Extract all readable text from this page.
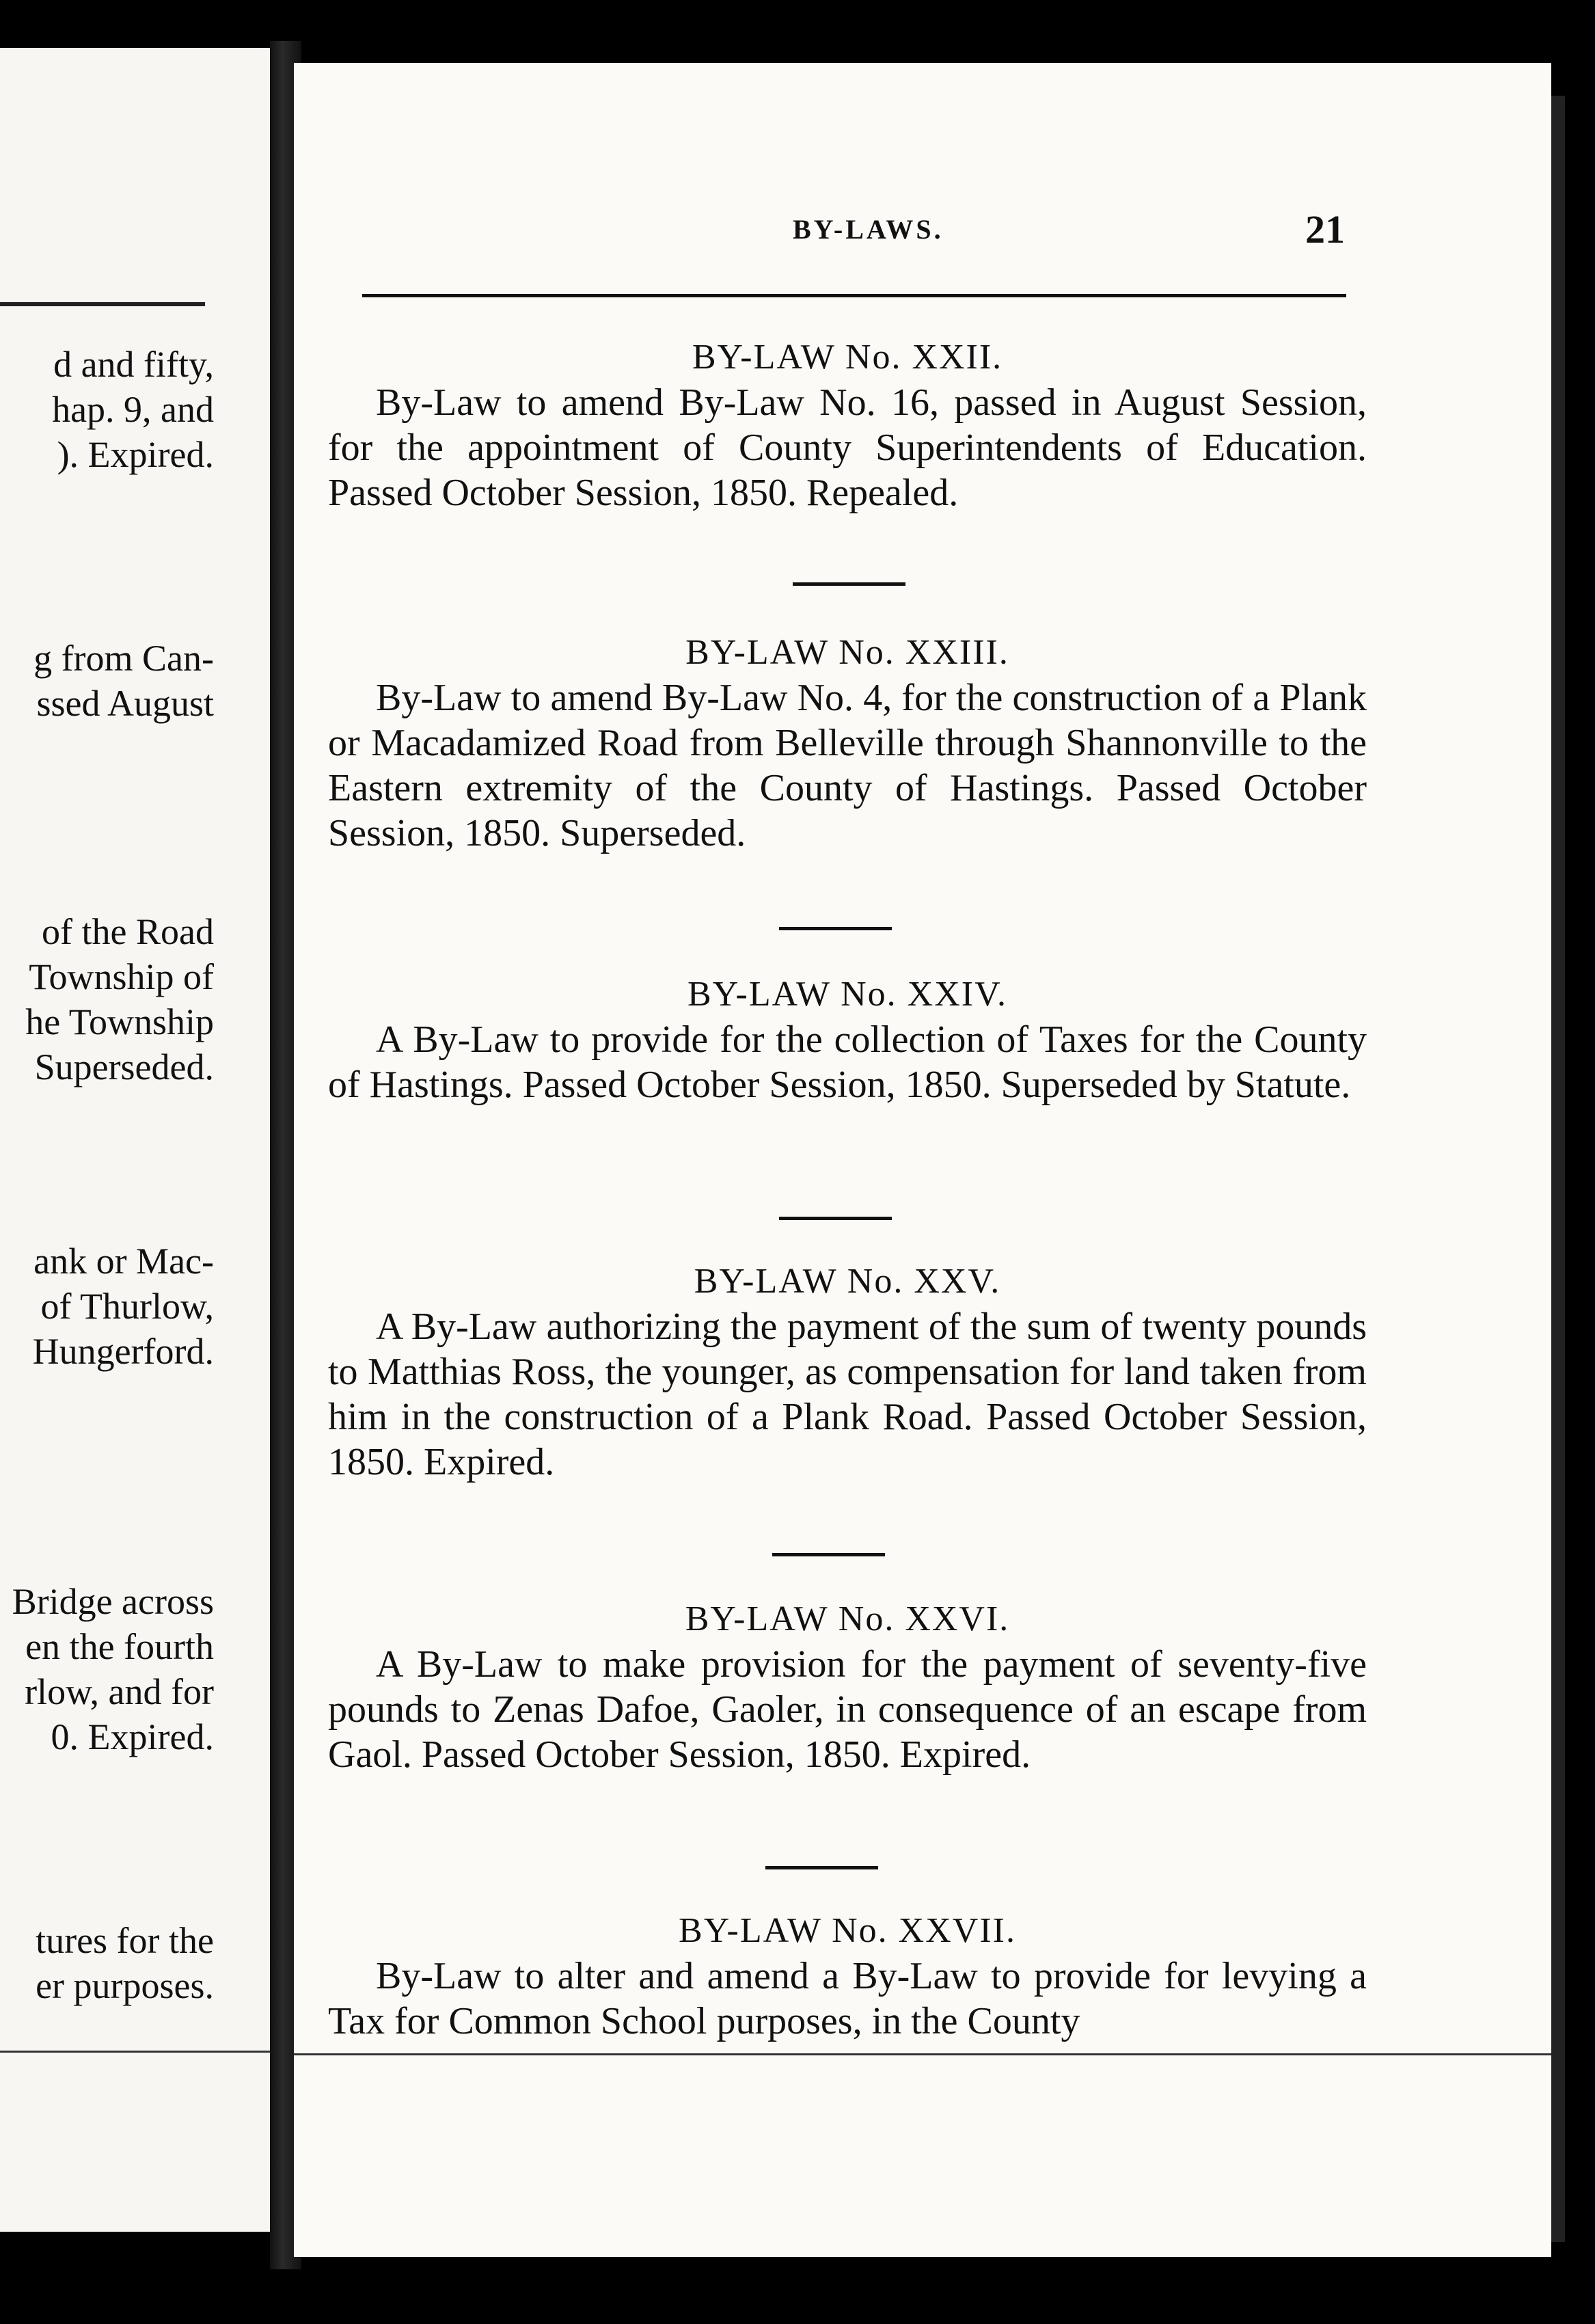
d and fifty,
hap. 9, and
). Expired.
g from Can-
ssed August
of the Road
Township of
he Township
Superseded.
ank or Mac-
of Thurlow,
Hungerford.
Bridge across
en the fourth
rlow, and for
0. Expired.
tures for the
er purposes.
BY-LAWS.	21
BY-LAW No. XXII.

By-Law to amend By-Law No. 16, passed in August Session, for the appointment of County Superintendents of Education. Passed October Session, 1850. Repealed.

BY-LAW No. XXIII.

By-Law to amend By-Law No. 4, for the construction of a Plank or Macadamized Road from Belleville through Shannonville to the Eastern extremity of the County of Hastings. Passed October Session, 1850. Superseded.

BY-LAW No. XXIV.

A By-Law to provide for the collection of Taxes for the County of Hastings. Passed October Session, 1850. Superseded by Statute.

BY-LAW No. XXV.

A By-Law authorizing the payment of the sum of twenty pounds to Matthias Ross, the younger, as compensation for land taken from him in the construction of a Plank Road. Passed October Session, 1850. Expired.

BY-LAW No. XXVI.

A By-Law to make provision for the payment of seventy-five pounds to Zenas Dafoe, Gaoler, in consequence of an escape from Gaol. Passed October Session, 1850. Expired.

BY-LAW No. XXVII.

By-Law to alter and amend a By-Law to provide for levying a Tax for Common School purposes, in the County
